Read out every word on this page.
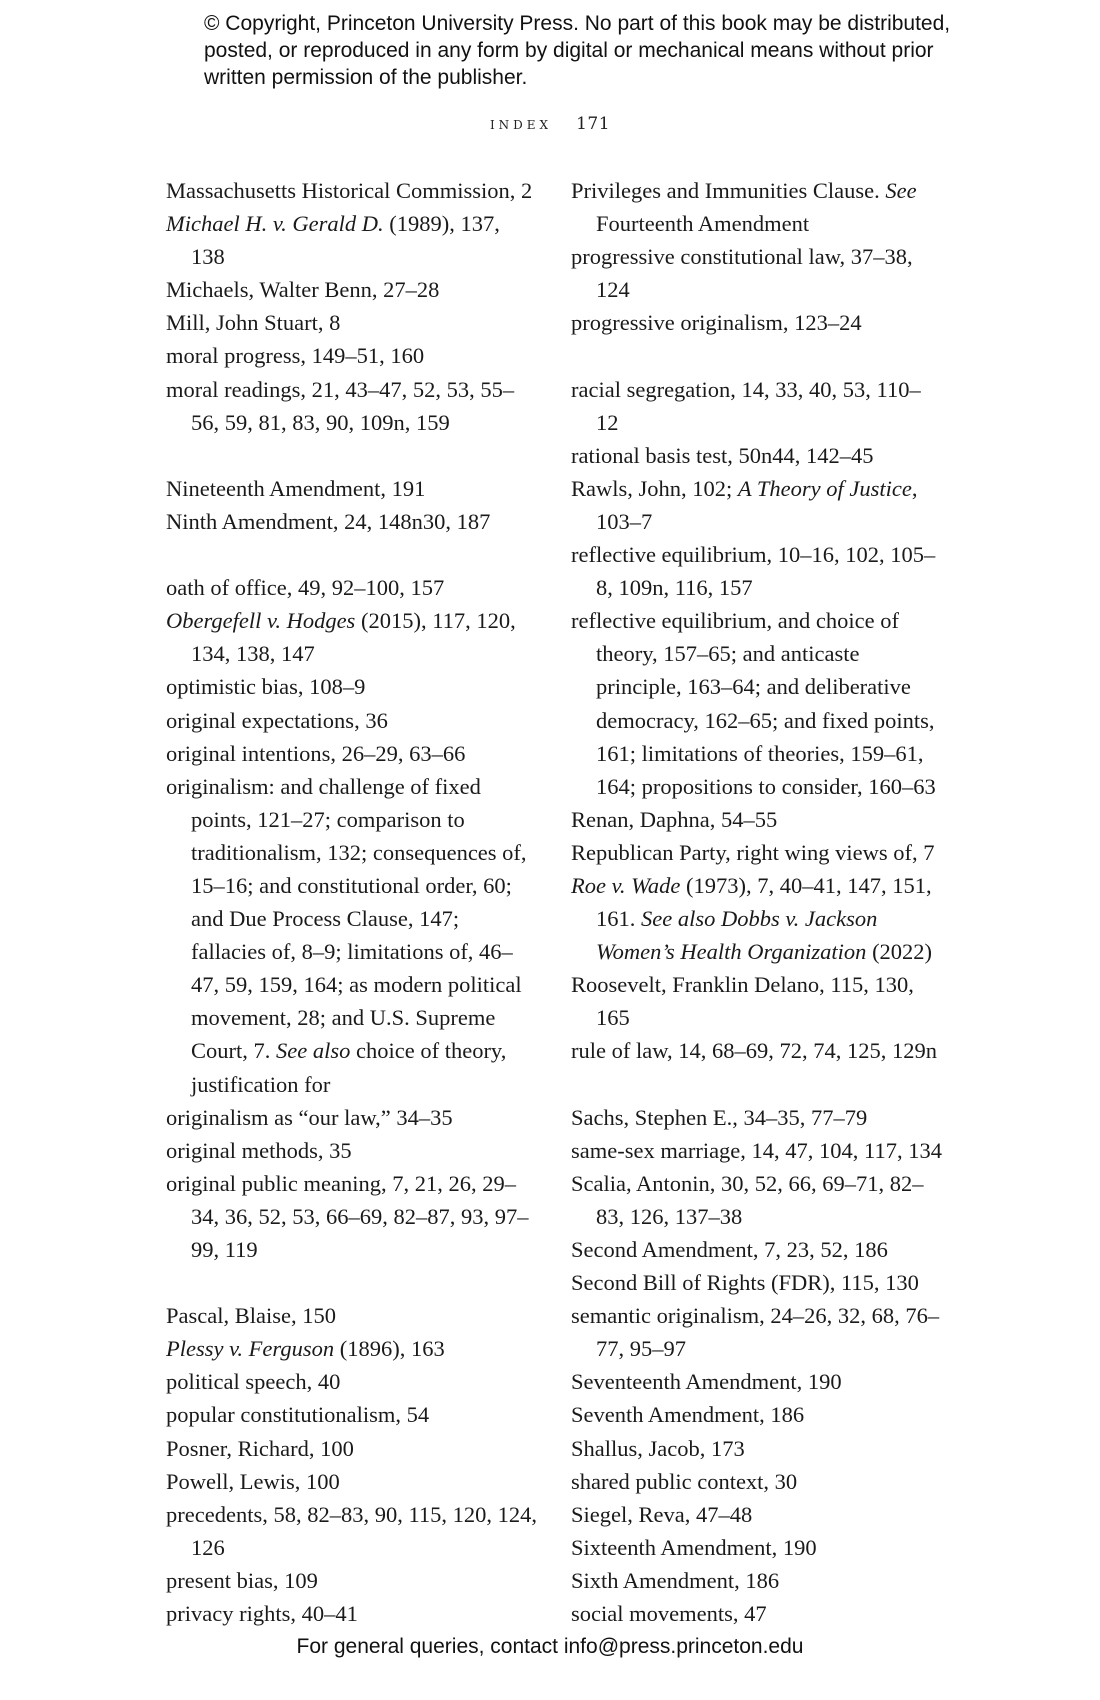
© Copyright, Princeton University Press. No part of this book may be distributed, posted, or reproduced in any form by digital or mechanical means without prior written permission of the publisher.
index 171

Massachusetts Historical Commission, 2

Michael H. v. Gerald D. (1989), 137, 138

Michaels, Walter Benn, 27–28

Mill, John Stuart, 8

moral progress, 149–51, 160

moral readings, 21, 43–47, 52, 53, 55–56, 59, 81, 83, 90, 109n, 159

Nineteenth Amendment, 191

Ninth Amendment, 24, 148n30, 187

oath of office, 49, 92–100, 157

Obergefell v. Hodges (2015), 117, 120, 134, 138, 147

optimistic bias, 108–9

original expectations, 36

original intentions, 26–29, 63–66

originalism: and challenge of fixed points, 121–27; comparison to traditionalism, 132; consequences of, 15–16; and constitutional order, 60; and Due Process Clause, 147; fallacies of, 8–9; limitations of, 46–47, 59, 159, 164; as modern political movement, 28; and U.S. Supreme Court, 7. See also choice of theory, justification for

originalism as “our law,” 34–35

original methods, 35

original public meaning, 7, 21, 26, 29–34, 36, 52, 53, 66–69, 82–87, 93, 97–99, 119

Pascal, Blaise, 150

Plessy v. Ferguson (1896), 163

political speech, 40

popular constitutionalism, 54

Posner, Richard, 100

Powell, Lewis, 100

precedents, 58, 82–83, 90, 115, 120, 124, 126

present bias, 109

privacy rights, 40–41

Privileges and Immunities Clause. See Fourteenth Amendment

progressive constitutional law, 37–38, 124

progressive originalism, 123–24

racial segregation, 14, 33, 40, 53, 110–12

rational basis test, 50n44, 142–45

Rawls, John, 102; A Theory of Justice, 103–7

reflective equilibrium, 10–16, 102, 105–8, 109n, 116, 157

reflective equilibrium, and choice of theory, 157–65; and anticaste principle, 163–64; and deliberative democracy, 162–65; and fixed points, 161; limitations of theories, 159–61, 164; propositions to consider, 160–63

Renan, Daphna, 54–55

Republican Party, right wing views of, 7

Roe v. Wade (1973), 7, 40–41, 147, 151, 161. See also Dobbs v. Jackson Women’s Health Organization (2022)

Roosevelt, Franklin Delano, 115, 130, 165

rule of law, 14, 68–69, 72, 74, 125, 129n

Sachs, Stephen E., 34–35, 77–79

same-sex marriage, 14, 47, 104, 117, 134

Scalia, Antonin, 30, 52, 66, 69–71, 82–83, 126, 137–38

Second Amendment, 7, 23, 52, 186

Second Bill of Rights (FDR), 115, 130

semantic originalism, 24–26, 32, 68, 76–77, 95–97

Seventeenth Amendment, 190

Seventh Amendment, 186

Shallus, Jacob, 173

shared public context, 30

Siegel, Reva, 47–48

Sixteenth Amendment, 190

Sixth Amendment, 186

social movements, 47

For general queries, contact info@press.princeton.edu
